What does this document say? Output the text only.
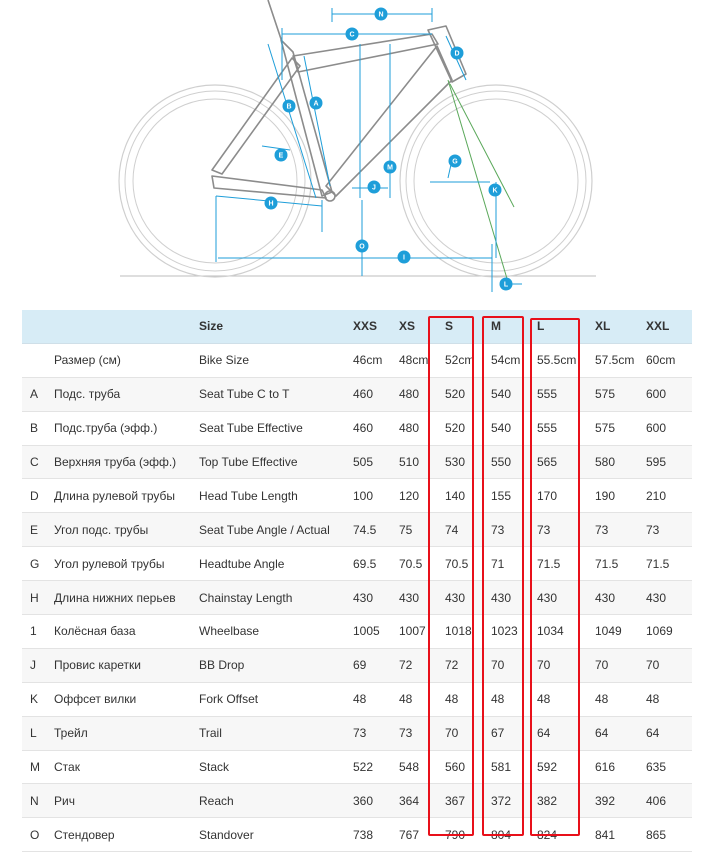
N
C
D
B	A
E
M
G
J	K
H
O
I
L
		Size	XXS	XS	S	M	L	XL	XXL
	Размер (см)	Bike Size	46cm	48cm	52cm	54cm	55.5cm	57.5cm	60cm
A	Подс. труба	Seat Tube C to T	460	480	520	540	555	575	600
B	Подс.труба (эфф.)	Seat Tube Effective	460	480	520	540	555	575	600
C	Верхняя труба (эфф.)	Top Tube Effective	505	510	530	550	565	580	595
D	Длина рулевой трубы	Head Tube Length	100	120	140	155	170	190	210
E	Угол подс. трубы	Seat Tube Angle / Actual	74.5	75	74	73	73	73	73
G	Угол рулевой трубы	Headtube Angle	69.5	70.5	70.5	71	71.5	71.5	71.5
H	Длина нижних перьев	Chainstay Length	430	430	430	430	430	430	430
1	Колёсная база	Wheelbase	1005	1007	1018	1023	1034	1049	1069
J	Провис каретки	BB Drop	69	72	72	70	70	70	70
K	Оффсет вилки	Fork Offset	48	48	48	48	48	48	48
L	Трейл	Trail	73	73	70	67	64	64	64
M	Стак	Stack	522	548	560	581	592	616	635
N	Рич	Reach	360	364	367	372	382	392	406
O	Стендовер	Standover	738	767	790	804	824	841	865
